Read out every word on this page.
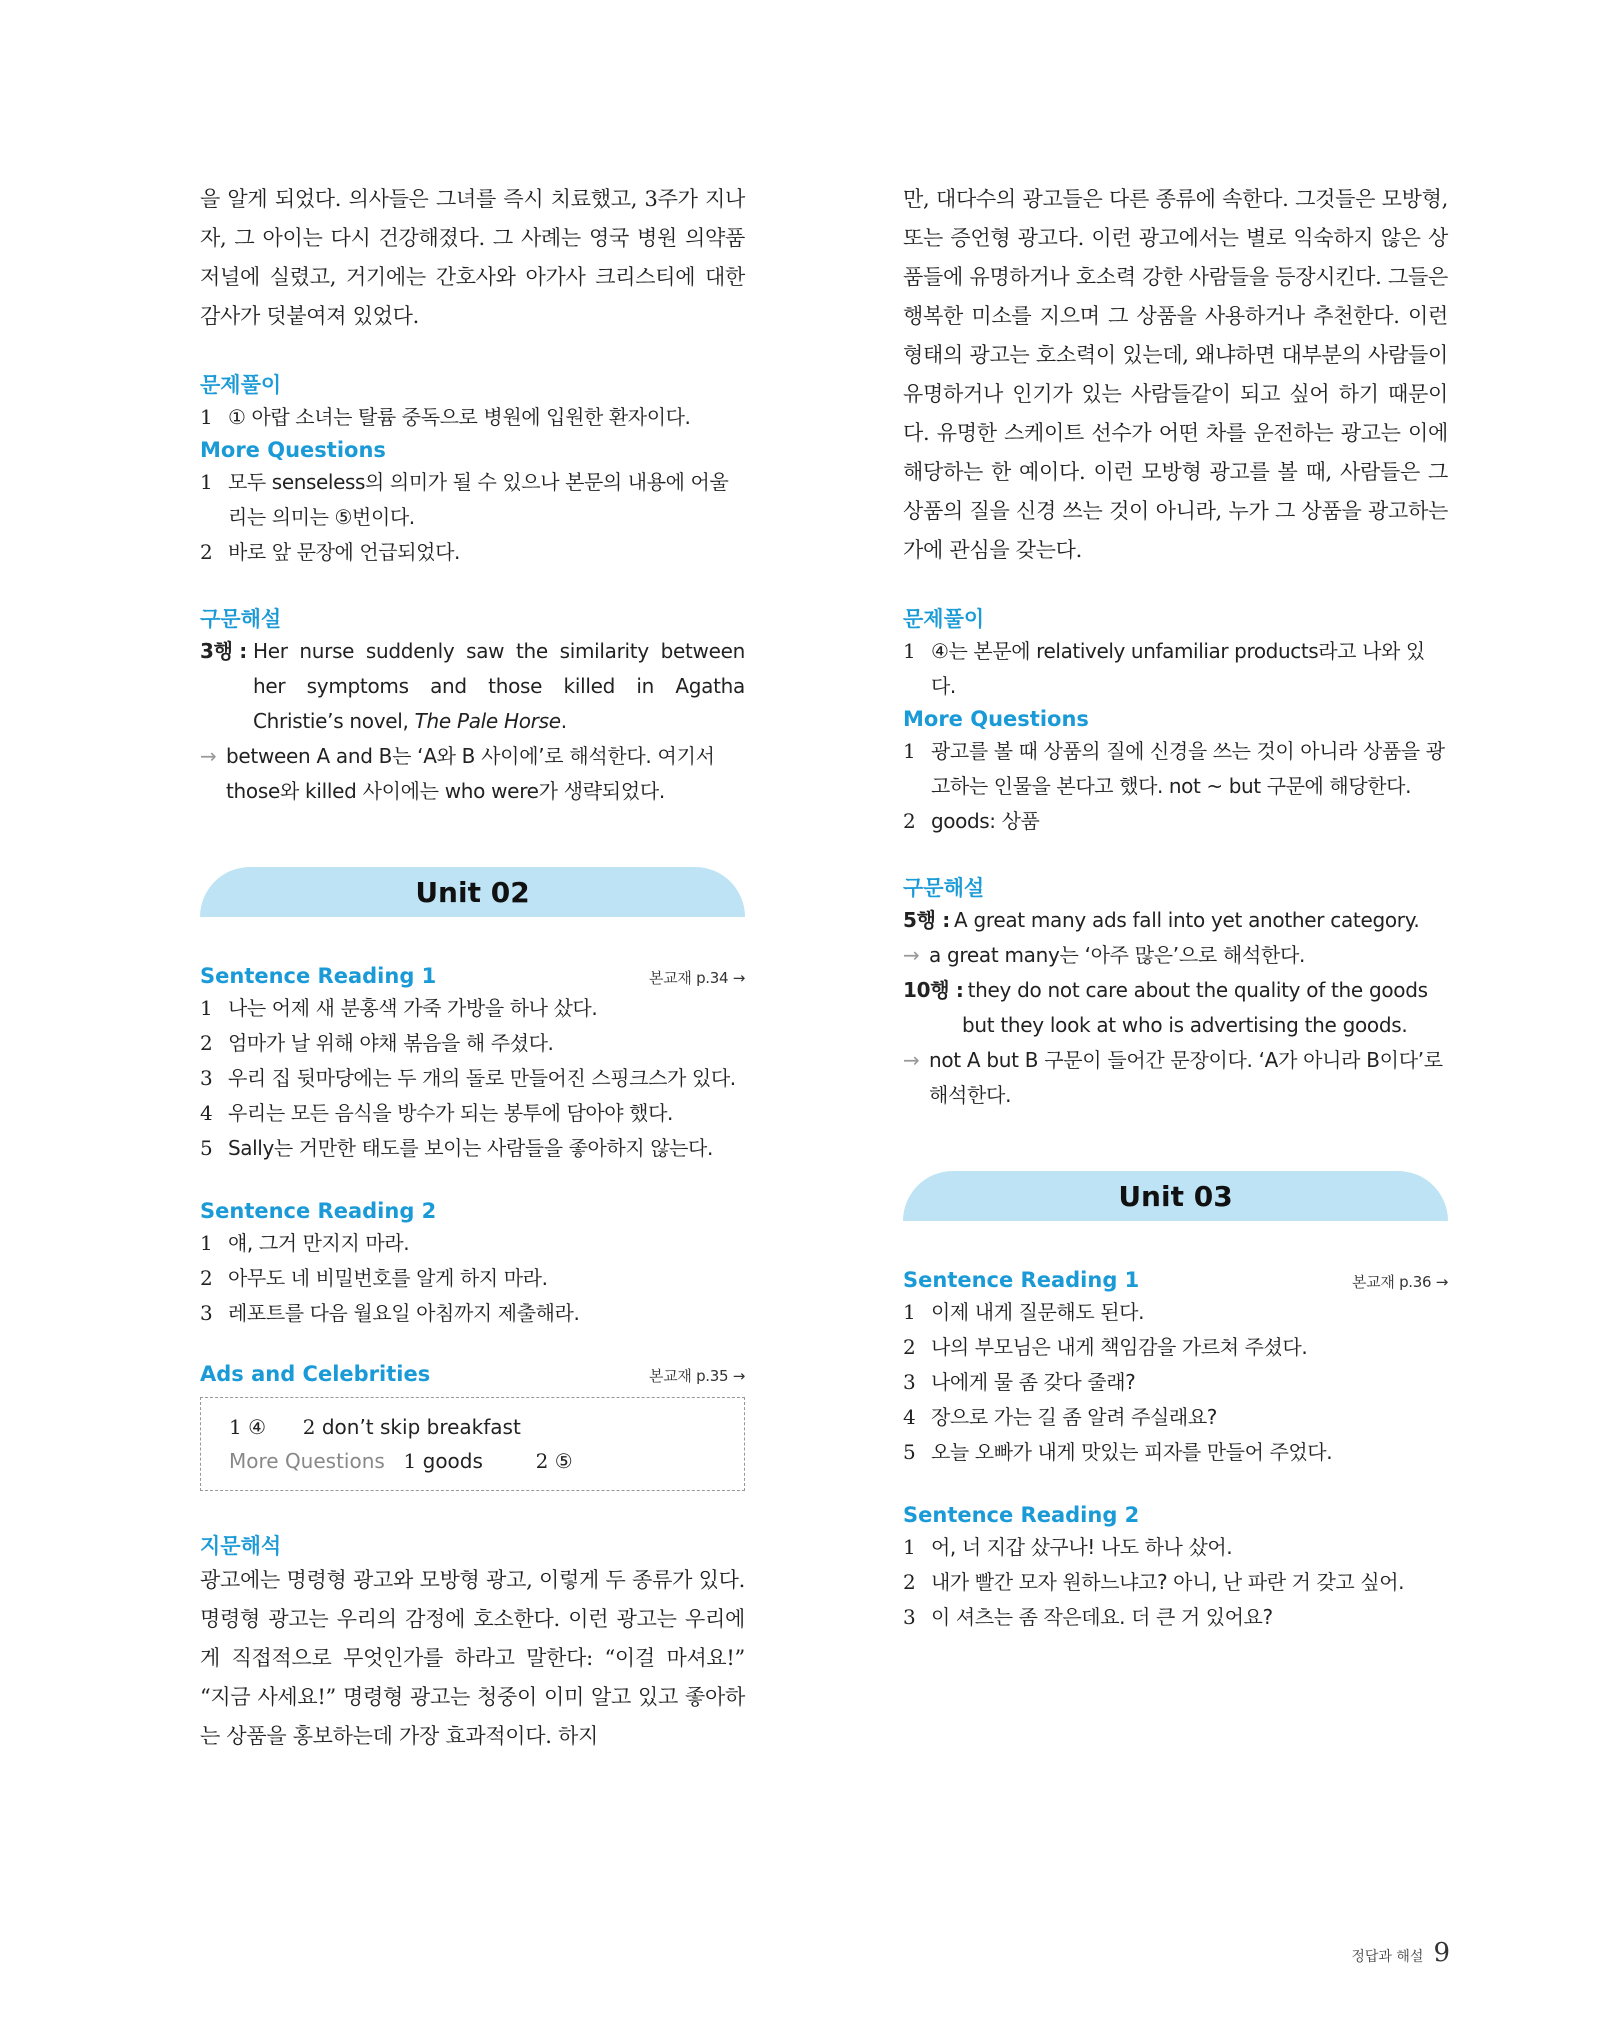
을 알게 되었다. 의사들은 그녀를 즉시 치료했고, 3주가 지나자, 그 아이는 다시 건강해졌다. 그 사례는 영국 병원 의약품 저널에 실렸고, 거기에는 간호사와 아가사 크리스티에 대한 감사가 덧붙여져 있었다.

문제풀이

1 ① 아랍 소녀는 탈륨 중독으로 병원에 입원한 환자이다.

More Questions

1 모두 senseless의 의미가 될 수 있으나 본문의 내용에 어울리는 의미는 ⑤번이다.
2 바로 앞 문장에 언급되었다.

구문해설

3행 : Her nurse suddenly saw the similarity between her symptoms and those killed in Agatha Christie’s novel, The Pale Horse.
→ between A and B는 ‘A와 B 사이에’로 해석한다. 여기서 those와 killed 사이에는 who were가 생략되었다.
Unit 02
Sentence Reading 1	본교재 p.34 →
1 나는 어제 새 분홍색 가죽 가방을 하나 샀다.
2 엄마가 날 위해 야채 볶음을 해 주셨다.
3 우리 집 뒷마당에는 두 개의 돌로 만들어진 스핑크스가 있다.
4 우리는 모든 음식을 방수가 되는 봉투에 담아야 했다.
5 Sally는 거만한 태도를 보이는 사람들을 좋아하지 않는다.

Sentence Reading 2

1 얘, 그거 만지지 마라.
2 아무도 네 비밀번호를 알게 하지 마라.
3 레포트를 다음 월요일 아침까지 제출해라.
Ads and Celebrities	본교재 p.35 →
1 ④ 2 don’t skip breakfast
More Questions 1 goods	2 ⑤

지문해석

광고에는 명령형 광고와 모방형 광고, 이렇게 두 종류가 있다. 명령형 광고는 우리의 감정에 호소한다. 이런 광고는 우리에게 직접적으로 무엇인가를 하라고 말한다: “이걸 마셔요!” “지금 사세요!” 명령형 광고는 청중이 이미 알고 있고 좋아하는 상품을 홍보하는데 가장 효과적이다. 하지

만, 대다수의 광고들은 다른 종류에 속한다. 그것들은 모방형, 또는 증언형 광고다. 이런 광고에서는 별로 익숙하지 않은 상품들에 유명하거나 호소력 강한 사람들을 등장시킨다. 그들은 행복한 미소를 지으며 그 상품을 사용하거나 추천한다. 이런 형태의 광고는 호소력이 있는데, 왜냐하면 대부분의 사람들이 유명하거나 인기가 있는 사람들같이 되고 싶어 하기 때문이다. 유명한 스케이트 선수가 어떤 차를 운전하는 광고는 이에 해당하는 한 예이다. 이런 모방형 광고를 볼 때, 사람들은 그 상품의 질을 신경 쓰는 것이 아니라, 누가 그 상품을 광고하는가에 관심을 갖는다.

문제풀이

1 ④는 본문에 relatively unfamiliar products라고 나와 있다.

More Questions

1 광고를 볼 때 상품의 질에 신경을 쓰는 것이 아니라 상품을 광고하는 인물을 본다고 했다. not ~ but 구문에 해당한다.
2 goods: 상품

구문해설

5행 : A great many ads fall into yet another category.
→ a great many는 ‘아주 많은’으로 해석한다.
10행 : they do not care about the quality of the goods
but they look at who is advertising the goods.
→ not A but B 구문이 들어간 문장이다. ‘A가 아니라 B이다’로 해석한다.
Unit 03
Sentence Reading 1	본교재 p.36 →
1 이제 내게 질문해도 된다.
2 나의 부모님은 내게 책임감을 가르쳐 주셨다.
3 나에게 물 좀 갖다 줄래?
4 장으로 가는 길 좀 알려 주실래요?
5 오늘 오빠가 내게 맛있는 피자를 만들어 주었다.

Sentence Reading 2

1 어, 너 지갑 샀구나! 나도 하나 샀어.
2 내가 빨간 모자 원하느냐고? 아니, 난 파란 거 갖고 싶어.
3 이 셔츠는 좀 작은데요. 더 큰 거 있어요?
정답과 해설 9
